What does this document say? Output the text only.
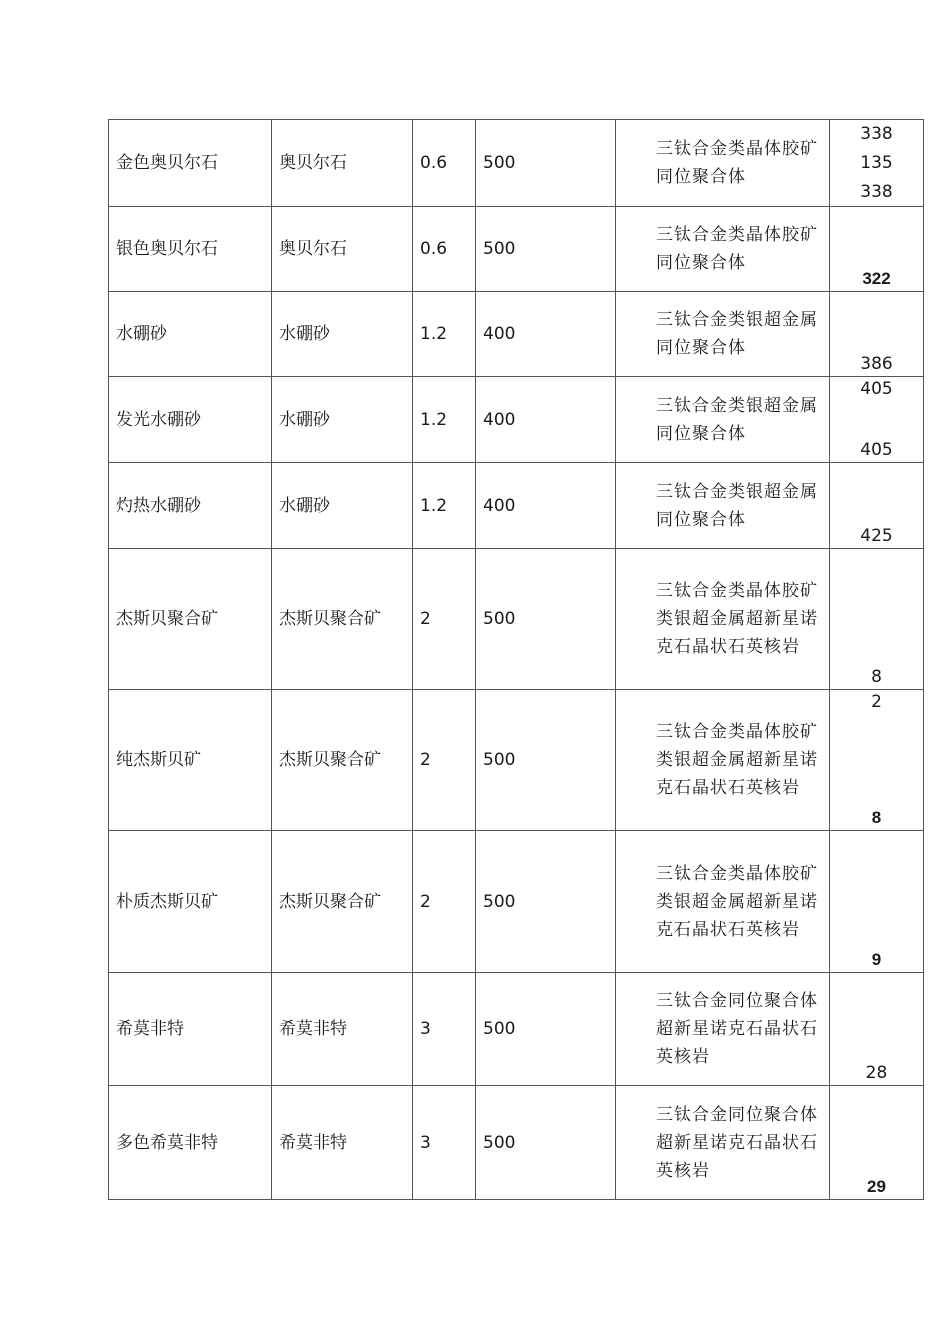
金色奥贝尔石	奥贝尔石	0.6	500	三钛合金类晶体胶矿同位聚合体	338
135
338

银色奥贝尔石	奥贝尔石	0.6	500	三钛合金类晶体胶矿同位聚合体	322

水硼砂	水硼砂	1.2	400	三钛合金类银超金属同位聚合体	386

发光水硼砂	水硼砂	1.2	400	三钛合金类银超金属同位聚合体	405
405

灼热水硼砂	水硼砂	1.2	400	三钛合金类银超金属同位聚合体	425

杰斯贝聚合矿	杰斯贝聚合矿	2	500	三钛合金类晶体胶矿类银超金属超新星诺克石晶状石英核岩	8

纯杰斯贝矿	杰斯贝聚合矿	2	500	三钛合金类晶体胶矿类银超金属超新星诺克石晶状石英核岩	2
8

朴质杰斯贝矿	杰斯贝聚合矿	2	500	三钛合金类晶体胶矿类银超金属超新星诺克石晶状石英核岩	9

希莫非特	希莫非特	3	500	三钛合金同位聚合体超新星诺克石晶状石英核岩	28

多色希莫非特	希莫非特	3	500	三钛合金同位聚合体超新星诺克石晶状石英核岩	29
